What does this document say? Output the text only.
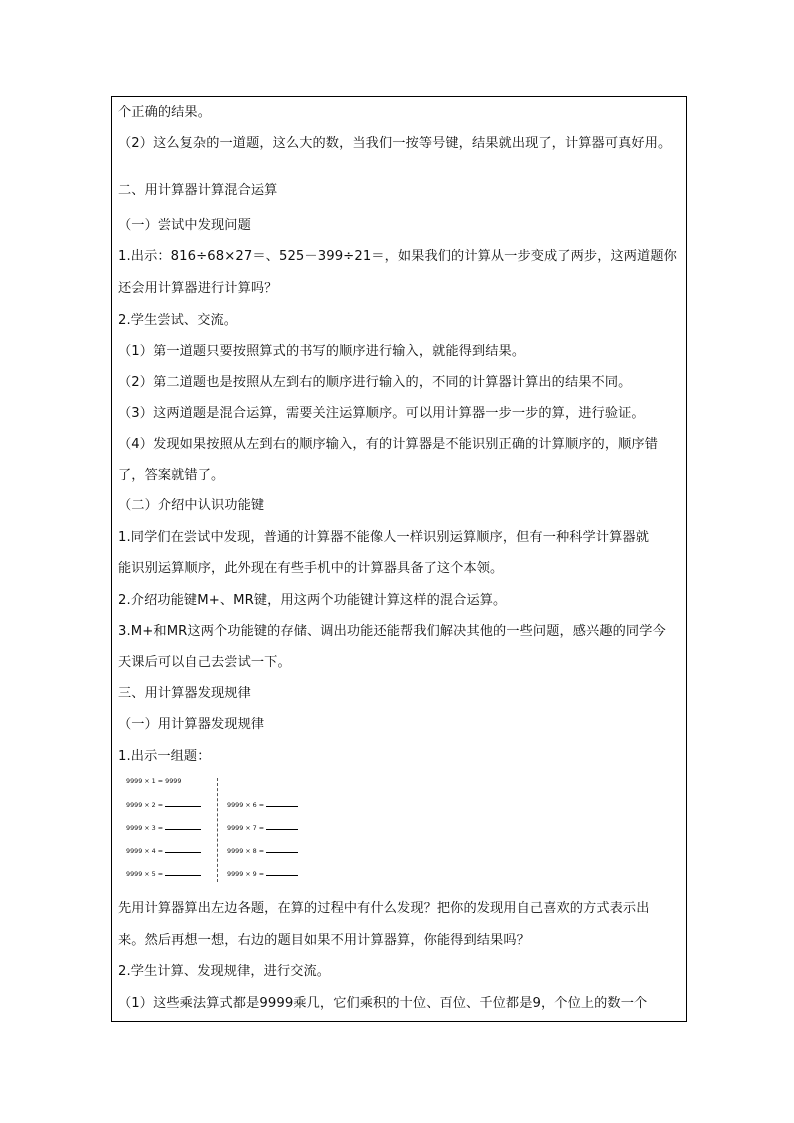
个正确的结果。
（2）这么复杂的一道题，这么大的数，当我们一按等号键，结果就出现了，计算器可真好用。
二、用计算器计算混合运算
（一）尝试中发现问题
1.出示：816÷68×27＝、525－399÷21＝，如果我们的计算从一步变成了两步，这两道题你
还会用计算器进行计算吗？
2.学生尝试、交流。
（1）第一道题只要按照算式的书写的顺序进行输入，就能得到结果。
（2）第二道题也是按照从左到右的顺序进行输入的，不同的计算器计算出的结果不同。
（3）这两道题是混合运算，需要关注运算顺序。可以用计算器一步一步的算，进行验证。
（4）发现如果按照从左到右的顺序输入，有的计算器是不能识别正确的计算顺序的，顺序错
了，答案就错了。
（二）介绍中认识功能键
1.同学们在尝试中发现，普通的计算器不能像人一样识别运算顺序，但有一种科学计算器就
能识别运算顺序，此外现在有些手机中的计算器具备了这个本领。
2.介绍功能键M+、MR键，用这两个功能键计算这样的混合运算。
3.M+和MR这两个功能键的存储、调出功能还能帮我们解决其他的一些问题，感兴趣的同学今
天课后可以自己去尝试一下。
三、用计算器发现规律
（一）用计算器发现规律
1.出示一组题：
9999 × 1 = 9999
9999 × 2 =
9999 × 3 =
9999 × 4 =
9999 × 5 =
9999 × 6 =
9999 × 7 =
9999 × 8 =
9999 × 9 =
先用计算器算出左边各题，在算的过程中有什么发现？把你的发现用自己喜欢的方式表示出
来。然后再想一想，右边的题目如果不用计算器算，你能得到结果吗？
2.学生计算、发现规律，进行交流。
（1）这些乘法算式都是9999乘几，它们乘积的十位、百位、千位都是9，个位上的数一个
